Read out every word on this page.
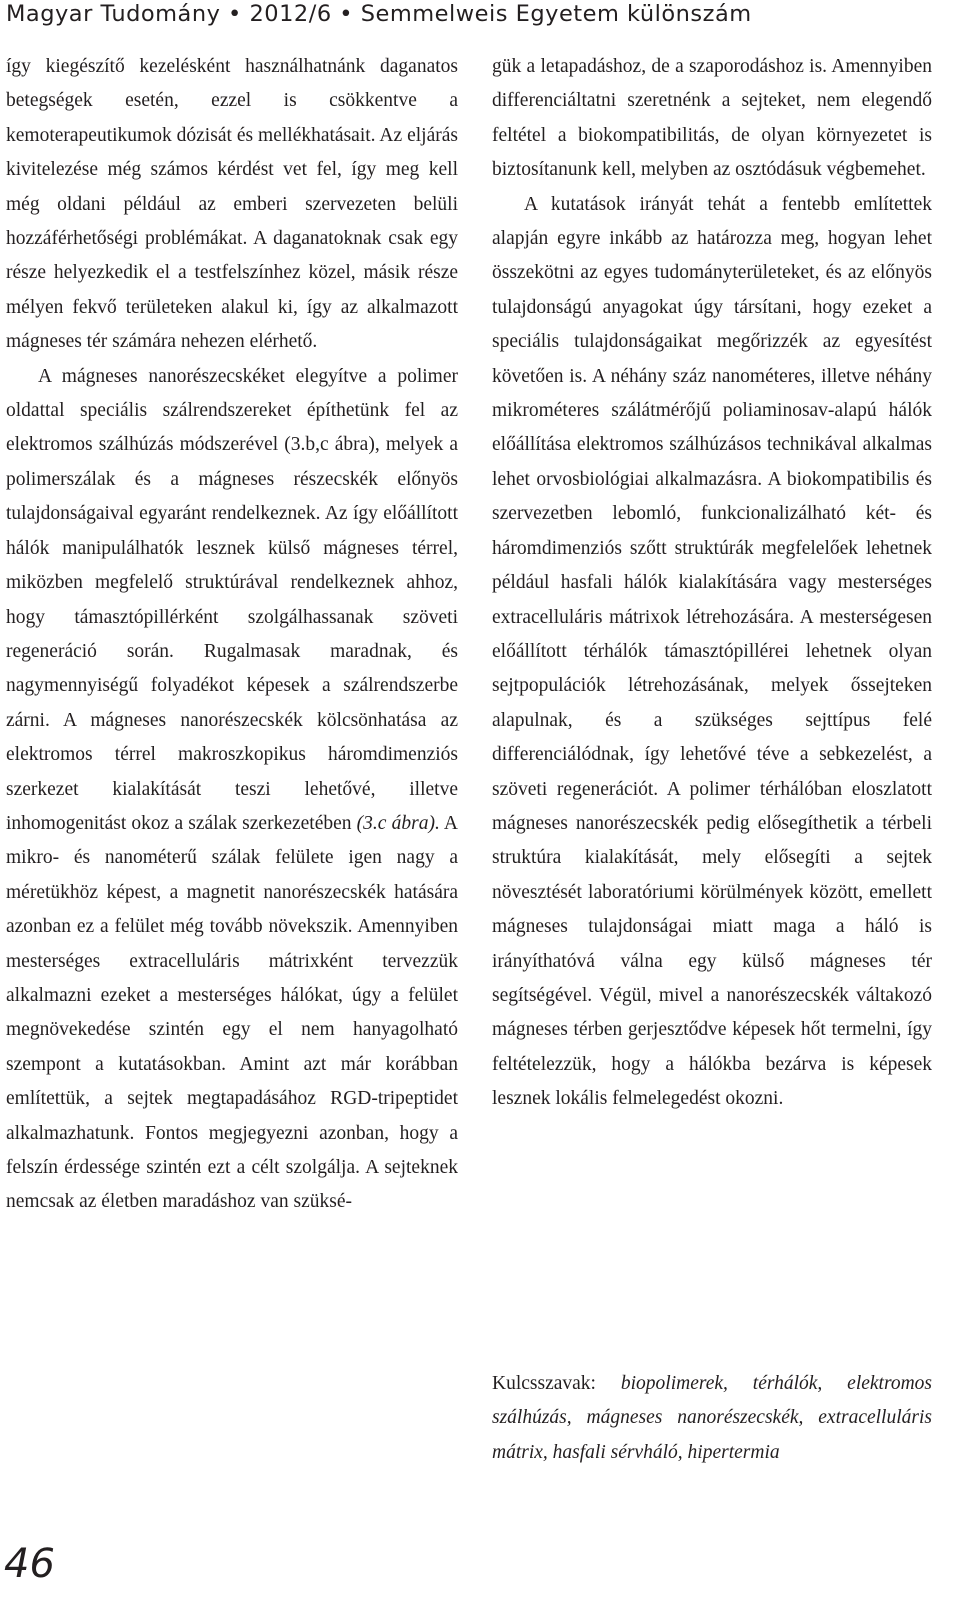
Magyar Tudomány • 2012/6 • Semmelweis Egyetem különszám

így kiegészítő kezelésként használhatnánk daganatos betegségek esetén, ezzel is csökkentve a kemoterapeutikumok dózisát és mellékhatásait. Az eljárás kivitelezése még számos kérdést vet fel, így meg kell még oldani például az emberi szervezeten belüli hozzáférhetőségi problémákat. A daganatoknak csak egy része helyezkedik el a testfelszínhez közel, másik része mélyen fekvő területeken alakul ki, így az alkalmazott mágneses tér számára nehezen elérhető.

A mágneses nanorészecskéket elegyítve a polimer oldattal speciális szálrendszereket építhetünk fel az elektromos szálhúzás módszerével (3.b,c ábra), melyek a polimerszálak és a mágneses részecskék előnyös tulajdonságaival egyaránt rendelkeznek. Az így előállított hálók manipulálhatók lesznek külső mágneses térrel, miközben megfelelő struktúrával rendelkeznek ahhoz, hogy támasztópillérként szolgálhassanak szöveti regeneráció során. Rugalmasak maradnak, és nagymennyiségű folyadékot képesek a szálrendszerbe zárni. A mágneses nanorészecskék kölcsönhatása az elektromos térrel makroszkopikus háromdimenziós szerkezet kialakítását teszi lehetővé, illetve inhomogenitást okoz a szálak szerkezetében (3.c ábra). A mikro- és nanométerű szálak felülete igen nagy a méretükhöz képest, a magnetit nanorészecskék hatására azonban ez a felület még tovább növekszik. Amennyiben mesterséges extracelluláris mátrixként tervezzük alkalmazni ezeket a mesterséges hálókat, úgy a felület megnövekedése szintén egy el nem hanyagolható szempont a kutatásokban. Amint azt már korábban említettük, a sejtek megtapadásához RGD-tripeptidet alkalmazhatunk. Fontos megjegyezni azonban, hogy a felszín érdessége szintén ezt a célt szolgálja. A sejteknek nemcsak az életben maradáshoz van szüksé-

gük a letapadáshoz, de a szaporodáshoz is. Amennyiben differenciáltatni szeretnénk a sejteket, nem elegendő feltétel a biokompatibilitás, de olyan környezetet is biztosítanunk kell, melyben az osztódásuk végbemehet.

A kutatások irányát tehát a fentebb említettek alapján egyre inkább az határozza meg, hogyan lehet összekötni az egyes tudományterületeket, és az előnyös tulajdonságú anyagokat úgy társítani, hogy ezeket a speciális tulajdonságaikat megőrizzék az egyesítést követően is. A néhány száz nanométeres, illetve néhány mikrométeres szálátmérőjű poliaminosav-alapú hálók előállítása elektromos szálhúzásos technikával alkalmas lehet orvosbiológiai alkalmazásra. A biokompatibilis és szervezetben lebomló, funkcionalizálható két- és háromdimenziós szőtt struktúrák megfelelőek lehetnek például hasfali hálók kialakítására vagy mesterséges extracelluláris mátrixok létrehozására. A mesterségesen előállított térhálók támasztópillérei lehetnek olyan sejtpopulációk létrehozásának, melyek őssejteken alapulnak, és a szükséges sejttípus felé differenciálódnak, így lehetővé téve a sebkezelést, a szöveti regenerációt. A polimer térhálóban eloszlatott mágneses nanorészecskék pedig elősegíthetik a térbeli struktúra kialakítását, mely elősegíti a sejtek növesztését laboratóriumi körülmények között, emellett mágneses tulajdonságai miatt maga a háló is irányíthatóvá válna egy külső mágneses tér segítségével. Végül, mivel a nanorészecskék váltakozó mágneses térben gerjesztődve képesek hőt termelni, így feltételezzük, hogy a hálókba bezárva is képesek lesznek lokális felmelegedést okozni.

Kulcsszavak: biopolimerek, térhálók, elektromos szálhúzás, mágneses nanorészecskék, extracelluláris mátrix, hasfali sérvháló, hipertermia
46
